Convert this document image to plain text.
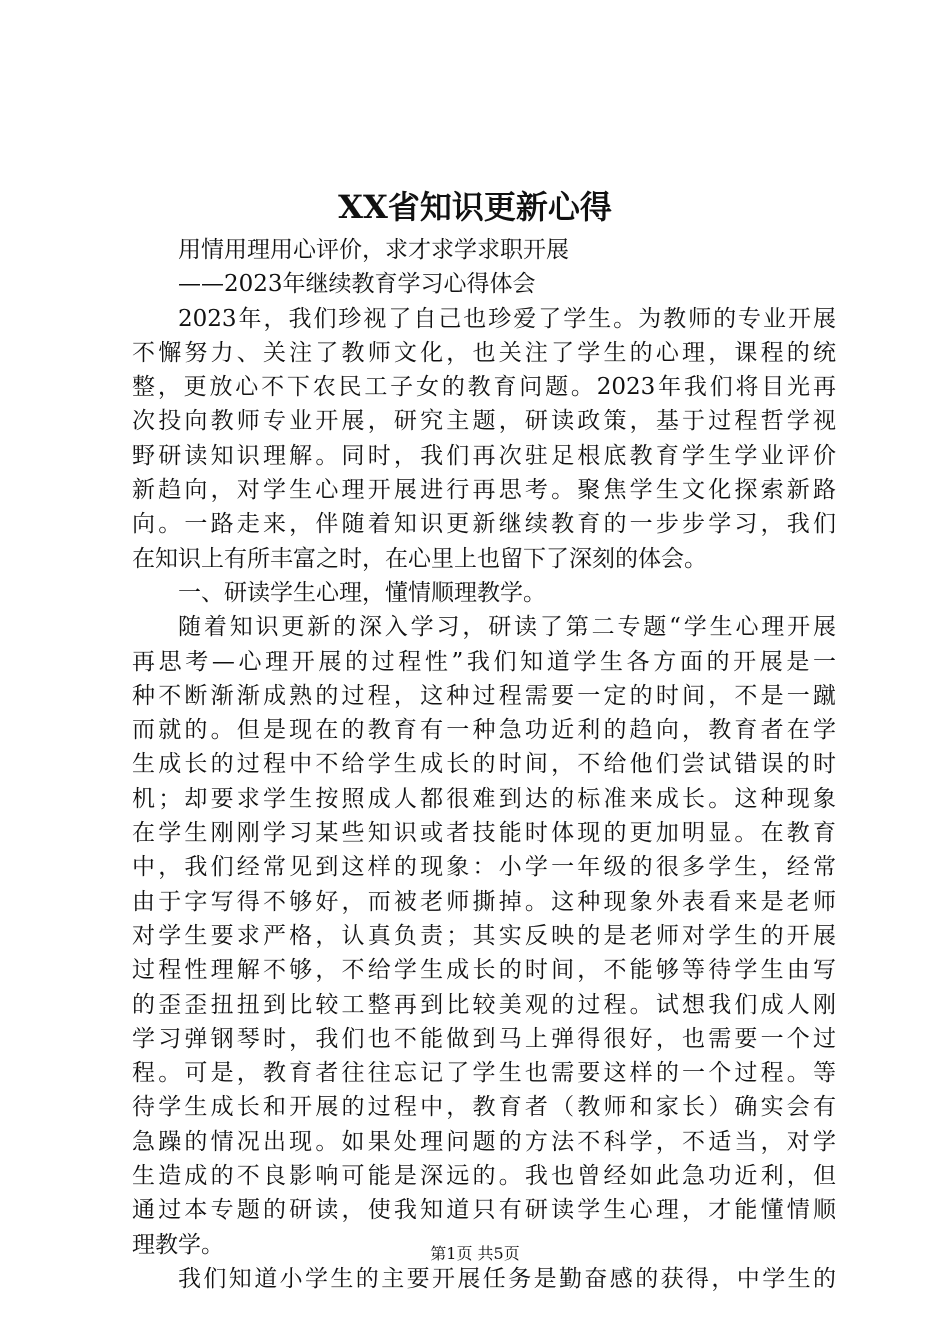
XX省知识更新心得
用情用理用心评价，求才求学求职开展
——2023年继续教育学习心得体会
2023年，我们珍视了自己也珍爱了学生。为教师的专业开展
不懈努力、关注了教师文化，也关注了学生的心理，课程的统
整，更放心不下农民工子女的教育问题。2023年我们将目光再
次投向教师专业开展，研究主题，研读政策，基于过程哲学视
野研读知识理解。同时，我们再次驻足根底教育学生学业评价
新趋向，对学生心理开展进行再思考。聚焦学生文化探索新路
向。一路走来，伴随着知识更新继续教育的一步步学习，我们
在知识上有所丰富之时，在心里上也留下了深刻的体会。
一、研读学生心理，懂情顺理教学。
随着知识更新的深入学习，研读了第二专题“学生心理开展
再思考—心理开展的过程性”我们知道学生各方面的开展是一
种不断渐渐成熟的过程，这种过程需要一定的时间，不是一蹴
而就的。但是现在的教育有一种急功近利的趋向，教育者在学
生成长的过程中不给学生成长的时间，不给他们尝试错误的时
机；却要求学生按照成人都很难到达的标准来成长。这种现象
在学生刚刚学习某些知识或者技能时体现的更加明显。在教育
中，我们经常见到这样的现象：小学一年级的很多学生，经常
由于字写得不够好，而被老师撕掉。这种现象外表看来是老师
对学生要求严格，认真负责；其实反映的是老师对学生的开展
过程性理解不够，不给学生成长的时间，不能够等待学生由写
的歪歪扭扭到比较工整再到比较美观的过程。试想我们成人刚
学习弹钢琴时，我们也不能做到马上弹得很好，也需要一个过
程。可是，教育者往往忘记了学生也需要这样的一个过程。等
待学生成长和开展的过程中，教育者（教师和家长）确实会有
急躁的情况出现。如果处理问题的方法不科学，不适当，对学
生造成的不良影响可能是深远的。我也曾经如此急功近利，但
通过本专题的研读，使我知道只有研读学生心理，才能懂情顺
理教学。
我们知道小学生的主要开展任务是勤奋感的获得，中学生的
第1页 共5页
